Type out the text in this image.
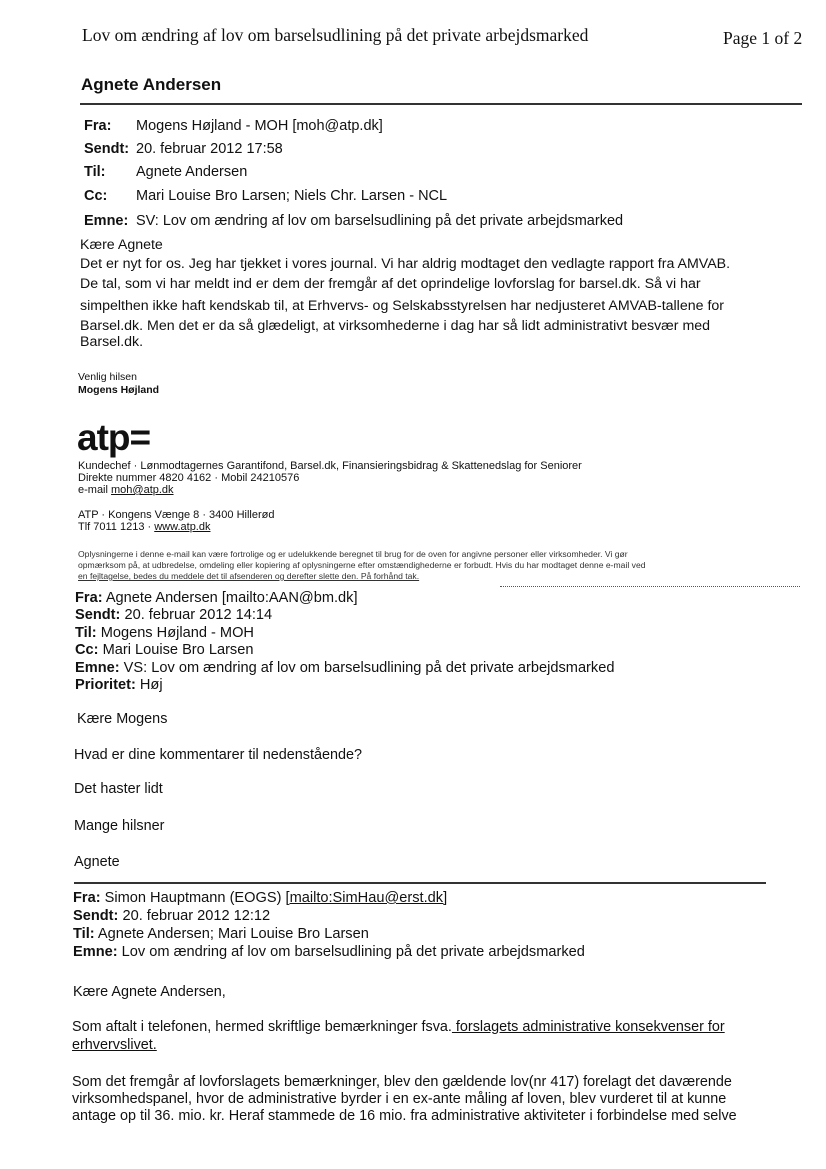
Lov om ændring af lov om barselsudlining på det private arbejdsmarked	Page 1 of 2
Agnete Andersen
Fra: Mogens Højland - MOH [moh@atp.dk]
Sendt: 20. februar 2012 17:58
Til: Agnete Andersen
Cc: Mari Louise Bro Larsen; Niels Chr. Larsen - NCL
Emne: SV: Lov om ændring af lov om barselsudlining på det private arbejdsmarked
Kære Agnete
Det er nyt for os. Jeg har tjekket i vores journal. Vi har aldrig modtaget den vedlagte rapport fra AMVAB.
De tal, som vi har meldt ind er dem der fremgår af det oprindelige lovforslag for barsel.dk. Så vi har
simpelthen ikke haft kendskab til, at Erhvervs- og Selskabsstyrelsen har nedjusteret AMVAB-tallene for
Barsel.dk. Men det er da så glædeligt, at virksomhederne i dag har så lidt administrativt besvær med
Barsel.dk.
Venlig hilsen
Mogens Højland
atp=
Kundechef · Lønmodtagernes Garantifond, Barsel.dk, Finansieringsbidrag & Skattenedslag for Seniorer
Direkte nummer 4820 4162 · Mobil 24210576
e-mail moh@atp.dk
ATP · Kongens Vænge 8 · 3400 Hillerød
Tlf 7011 1213 · www.atp.dk
Oplysningerne i denne e-mail kan være fortrolige og er udelukkende beregnet til brug for de oven for angivne personer eller virksomheder. Vi gør
opmærksom på, at udbredelse, omdeling eller kopiering af oplysningerne efter omstændighederne er forbudt. Hvis du har modtaget denne e-mail ved
en fejltagelse, bedes du meddele det til afsenderen og derefter slette den. På forhånd tak.
Fra: Agnete Andersen [mailto:AAN@bm.dk]
Sendt: 20. februar 2012 14:14
Til: Mogens Højland - MOH
Cc: Mari Louise Bro Larsen
Emne: VS: Lov om ændring af lov om barselsudlining på det private arbejdsmarked
Prioritet: Høj
Kære Mogens
Hvad er dine kommentarer til nedenstående?
Det haster lidt
Mange hilsner
Agnete
Fra: Simon Hauptmann (EOGS) [mailto:SimHau@erst.dk]
Sendt: 20. februar 2012 12:12
Til: Agnete Andersen; Mari Louise Bro Larsen
Emne: Lov om ændring af lov om barselsudlining på det private arbejdsmarked
Kære Agnete Andersen,
Som aftalt i telefonen, hermed skriftlige bemærkninger fsva. forslagets administrative konsekvenser for
erhvervslivet.
Som det fremgår af lovforslagets bemærkninger, blev den gældende lov(nr 417) forelagt det daværende
virksomhedspanel, hvor de administrative byrder i en ex-ante måling af loven, blev vurderet til at kunne
antage op til 36. mio. kr. Heraf stammede de 16 mio. fra administrative aktiviteter i forbindelse med selve
